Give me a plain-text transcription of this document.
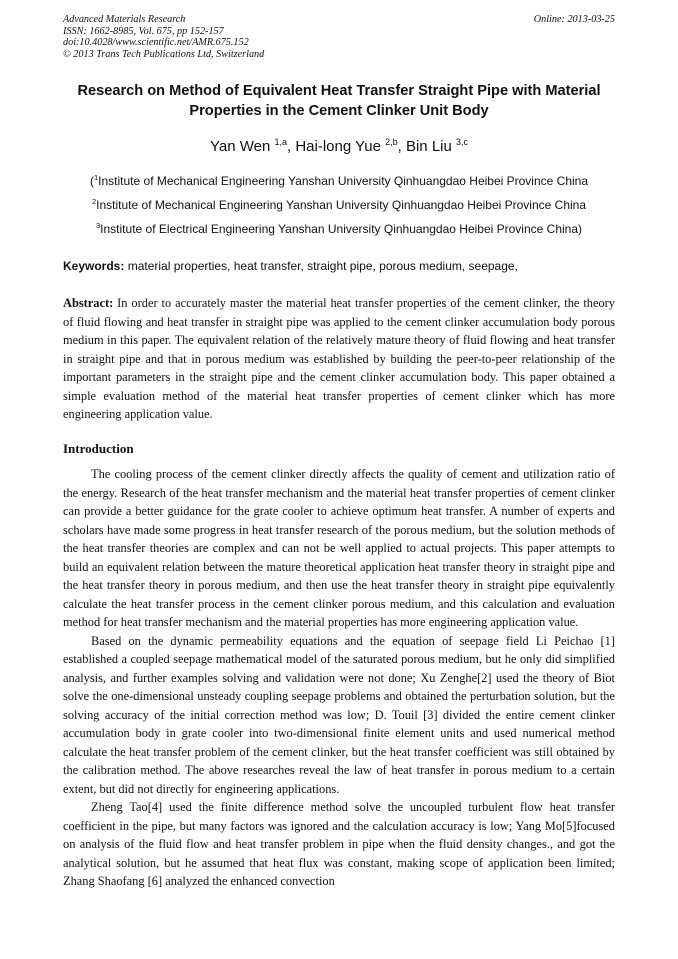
Advanced Materials Research
ISSN: 1662-8985, Vol. 675, pp 152-157
doi:10.4028/www.scientific.net/AMR.675.152
© 2013 Trans Tech Publications Ltd, Switzerland
Online: 2013-03-25
Research on Method of Equivalent Heat Transfer Straight Pipe with Material Properties in the Cement Clinker Unit Body
Yan Wen $^{1,a}$, Hai-long Yue $^{2,b}$, Bin Liu $^{3,c}$
($^1$Institute of Mechanical Engineering Yanshan University Qinhuangdao Heibei Province China
$^2$Institute of Mechanical Engineering Yanshan University Qinhuangdao Heibei Province China
$^3$Institute of Electrical Engineering Yanshan University Qinhuangdao Heibei Province China)
Keywords: material properties, heat transfer, straight pipe, porous medium, seepage,
Abstract: In order to accurately master the material heat transfer properties of the cement clinker, the theory of fluid flowing and heat transfer in straight pipe was applied to the cement clinker accumulation body porous medium in this paper. The equivalent relation of the relatively mature theory of fluid flowing and heat transfer in straight pipe and that in porous medium was established by building the peer-to-peer relationship of the important parameters in the straight pipe and the cement clinker accumulation body. This paper obtained a simple evaluation method of the material heat transfer properties of cement clinker which has more engineering application value.
Introduction

The cooling process of the cement clinker directly affects the quality of cement and utilization ratio of the energy. Research of the heat transfer mechanism and the material heat transfer properties of cement clinker can provide a better guidance for the grate cooler to achieve optimum heat transfer. A number of experts and scholars have made some progress in heat transfer research of the porous medium, but the solution methods of the heat transfer theories are complex and can not be well applied to actual projects. This paper attempts to build an equivalent relation between the mature theoretical application heat transfer theory in straight pipe and the heat transfer theory in porous medium, and then use the heat transfer theory in straight pipe equivalently calculate the heat transfer process in the cement clinker porous medium, and this calculation and evaluation method for heat transfer mechanism and the material properties has more engineering application value.

Based on the dynamic permeability equations and the equation of seepage field Li Peichao [1] established a coupled seepage mathematical model of the saturated porous medium, but he only did simplified analysis, and further examples solving and validation were not done; Xu Zenghe[2] used the theory of Biot solve the one-dimensional unsteady coupling seepage problems and obtained the perturbation solution, but the solving accuracy of the initial correction method was low; D. Touil [3] divided the entire cement clinker accumulation body in grate cooler into two-dimensional finite element units and used numerical method calculate the heat transfer problem of the cement clinker, but the heat transfer coefficient was still obtained by the calibration method. The above researches reveal the law of heat transfer in porous medium to a certain extent, but did not directly for engineering applications.

Zheng Tao[4] used the finite difference method solve the uncoupled turbulent flow heat transfer coefficient in the pipe, but many factors was ignored and the calculation accuracy is low; Yang Mo[5]focused on analysis of the fluid flow and heat transfer problem in pipe when the fluid density changes., and got the analytical solution, but he assumed that heat flux was constant, making scope of application been limited; Zhang Shaofang [6] analyzed the enhanced convection
